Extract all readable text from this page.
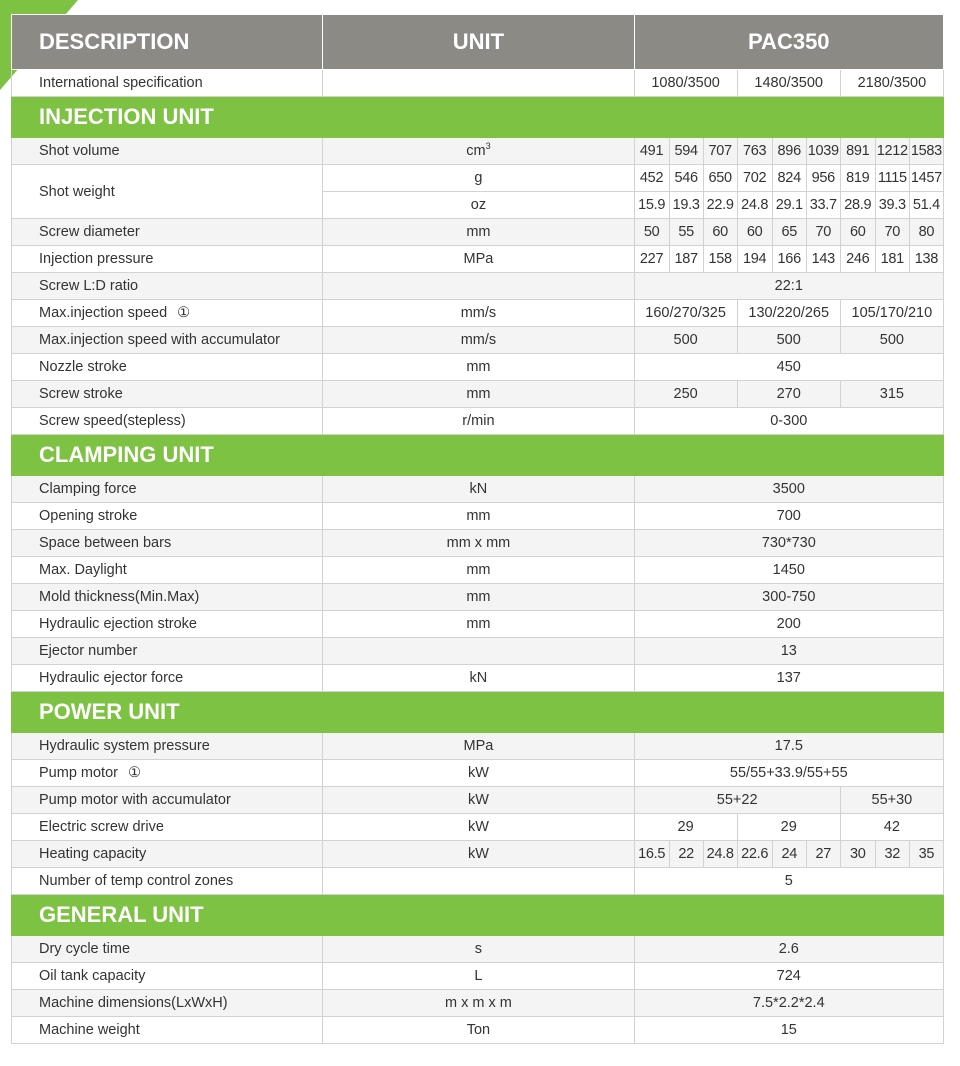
DESCRIPTION	UNIT	PAC350								
International specification		1080/3500			1480/3500			2180/3500		
INJECTION UNIT										
Shot volume	$cm^3$	491	594	707	763	896	1039	891	1212	1583
Shot weight	g	452	546	650	702	824	956	819	1115	1457
	oz	15.9	19.3	22.9	24.8	29.1	33.7	28.9	39.3	51.4
Screw diameter	mm	50	55	60	60	65	70	60	70	80
Injection pressure	MPa	227	187	158	194	166	143	246	181	138
Screw L:D ratio		22:1								
Max.injection speed ①	mm/s	160/270/325			130/220/265			105/170/210		
Max.injection speed with accumulator	mm/s	500			500			500		
Nozzle stroke	mm	450								
Screw stroke	mm	250			270			315		
Screw speed(stepless)	r/min	0-300								
CLAMPING UNIT										
Clamping force	kN	3500								
Opening stroke	mm	700								
Space between bars	mm x mm	730*730								
Max. Daylight	mm	1450								
Mold thickness(Min.Max)	mm	300-750								
Hydraulic ejection stroke	mm	200								
Ejector number		13								
Hydraulic ejector force	kN	137								
POWER UNIT										
Hydraulic system pressure	MPa	17.5								
Pump motor ①	kW	55/55+33.9/55+55								
Pump motor with accumulator	kW	55+22						55+30		
Electric screw drive	kW	29			29			42		
Heating capacity	kW	16.5	22	24.8	22.6	24	27	30	32	35
Number of temp control zones		5								
GENERAL UNIT										
Dry cycle time	s	2.6								
Oil tank capacity	L	724								
Machine dimensions(LxWxH)	m x m x m	7.5*2.2*2.4								
Machine weight	Ton	15								
